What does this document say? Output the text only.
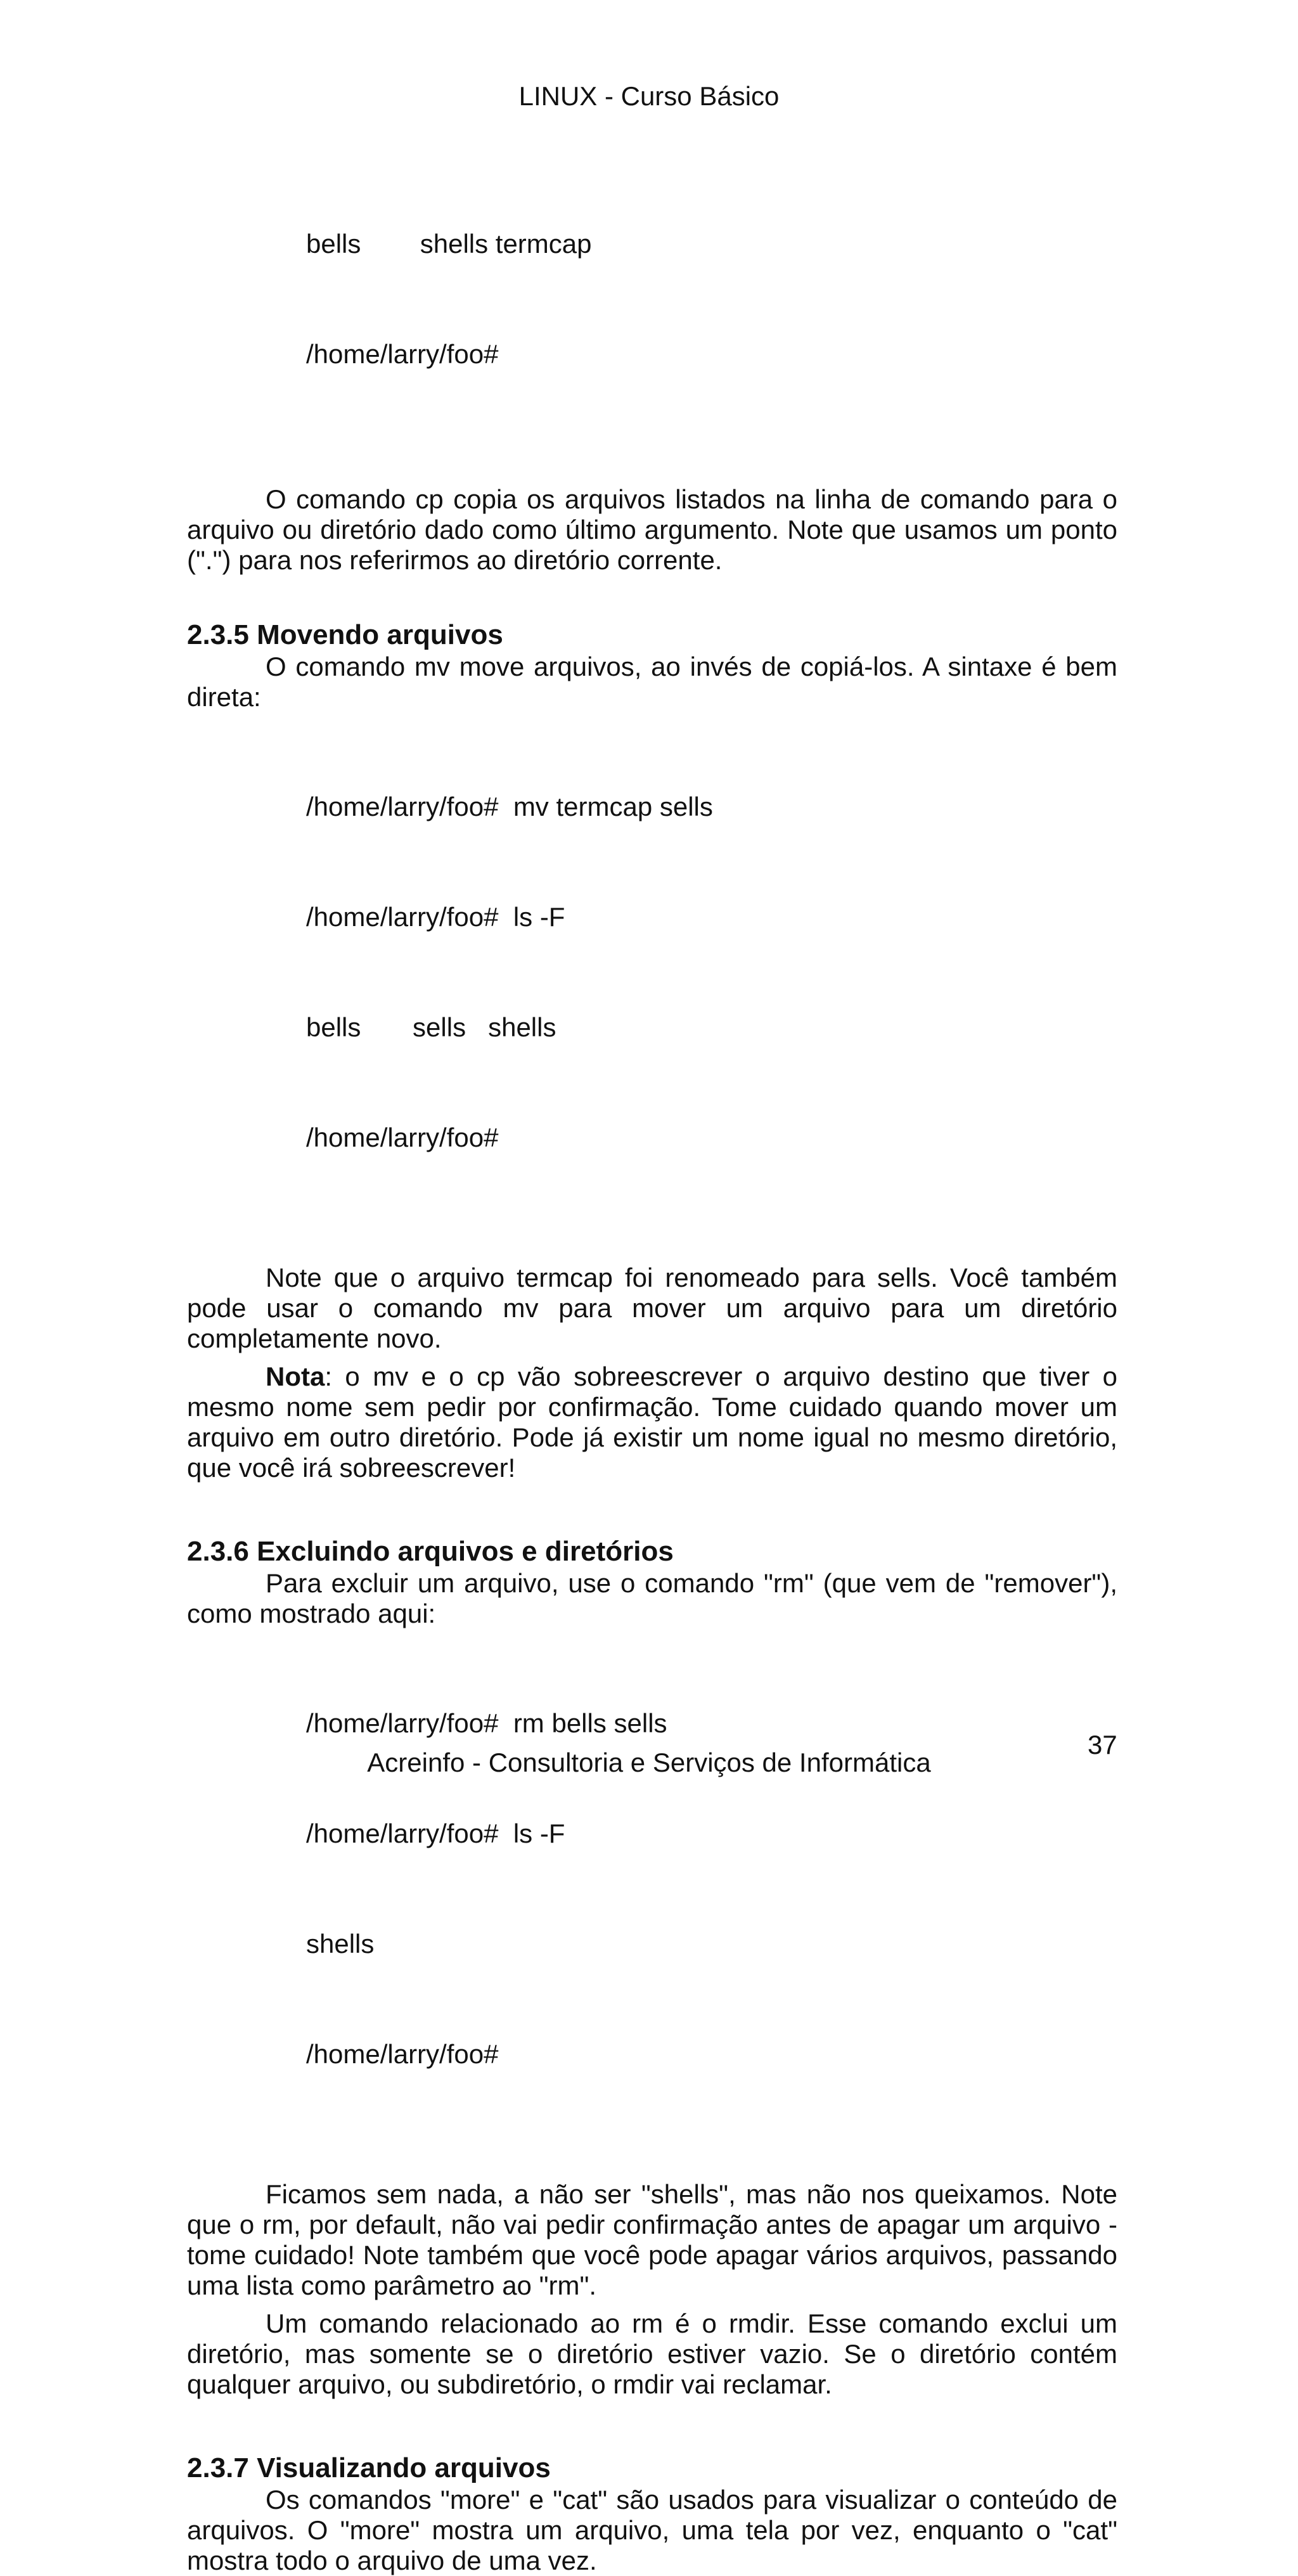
LINUX - Curso Básico

bells        shells termcap

/home/larry/foo#

O comando cp copia os arquivos listados na linha de comando para o arquivo ou diretório dado como último argumento. Note que usamos um ponto (".") para nos referirmos ao diretório corrente.

2.3.5 Movendo arquivos

O comando mv move arquivos, ao invés de copiá-los. A sintaxe é bem direta:

/home/larry/foo#  mv termcap sells

/home/larry/foo#  ls -F

bells       sells   shells

/home/larry/foo#

Note que o arquivo termcap foi renomeado para sells. Você também pode usar o comando mv para mover um arquivo para um diretório completamente novo.

Nota: o mv e o cp vão sobreescrever o arquivo destino que tiver o mesmo nome sem pedir por confirmação. Tome cuidado quando mover um arquivo em outro diretório. Pode já existir um nome igual no mesmo diretório, que você irá sobreescrever!

2.3.6 Excluindo arquivos e diretórios

Para excluir um arquivo, use o comando "rm" (que vem de "remover"), como mostrado aqui:

/home/larry/foo#  rm bells sells

/home/larry/foo#  ls -F

shells

/home/larry/foo#

Ficamos sem nada, a não ser "shells", mas não nos queixamos. Note que o rm, por default, não vai pedir confirmação antes de apagar um arquivo - tome cuidado! Note também que você pode apagar vários arquivos, passando uma lista como parâmetro ao "rm".

Um comando relacionado ao rm é o rmdir. Esse comando exclui um diretório, mas somente se o diretório estiver vazio. Se o diretório contém qualquer arquivo, ou subdiretório, o rmdir vai reclamar.

2.3.7 Visualizando arquivos

Os comandos "more" e "cat" são usados para visualizar o conteúdo de arquivos. O "more" mostra um arquivo, uma tela por vez, enquanto o "cat" mostra todo o arquivo de uma vez.

Acreinfo - Consultoria e Serviços de Informática
37
